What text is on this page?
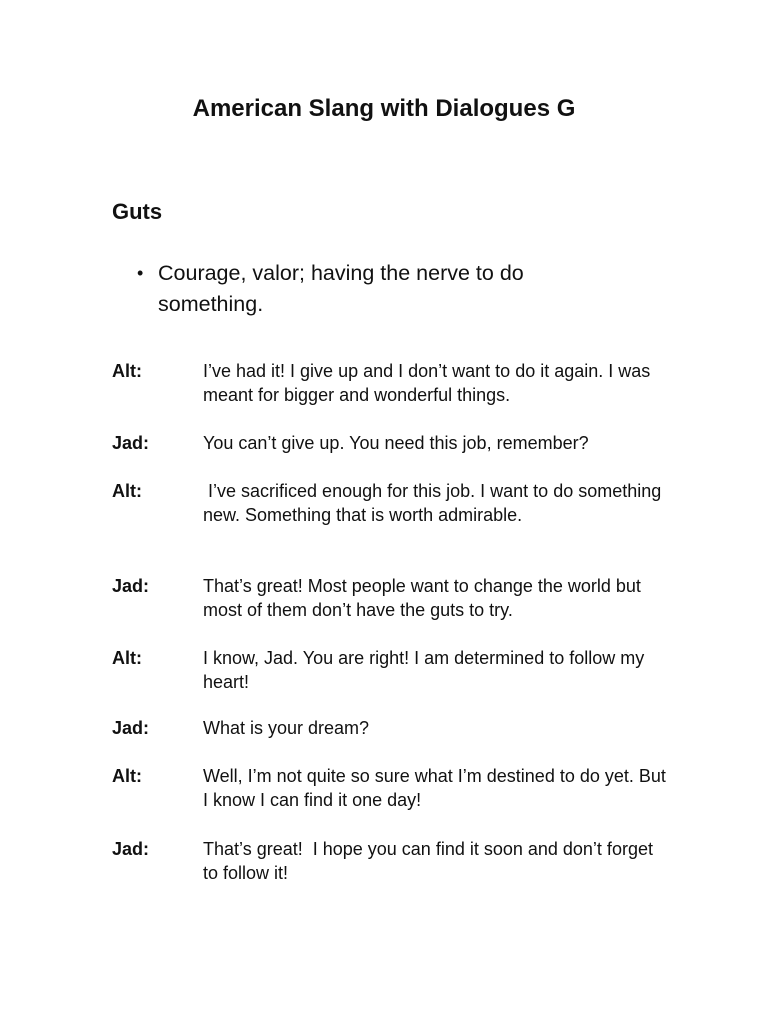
American Slang with Dialogues G
Guts
• Courage, valor; having the nerve to do something.
Alt:	I’ve had it! I give up and I don’t want to do it again. I was meant for bigger and wonderful things.
Jad:	You can’t give up. You need this job, remember?
Alt:	I’ve sacrificed enough for this job. I want to do something new. Something that is worth admirable.
Jad:	That’s great! Most people want to change the world but most of them don’t have the guts to try.
Alt:	I know, Jad. You are right! I am determined to follow my heart!
Jad:	What is your dream?
Alt:	Well, I’m not quite so sure what I’m destined to do yet. But I know I can find it one day!
Jad:	That’s great!  I hope you can find it soon and don’t forget to follow it!
